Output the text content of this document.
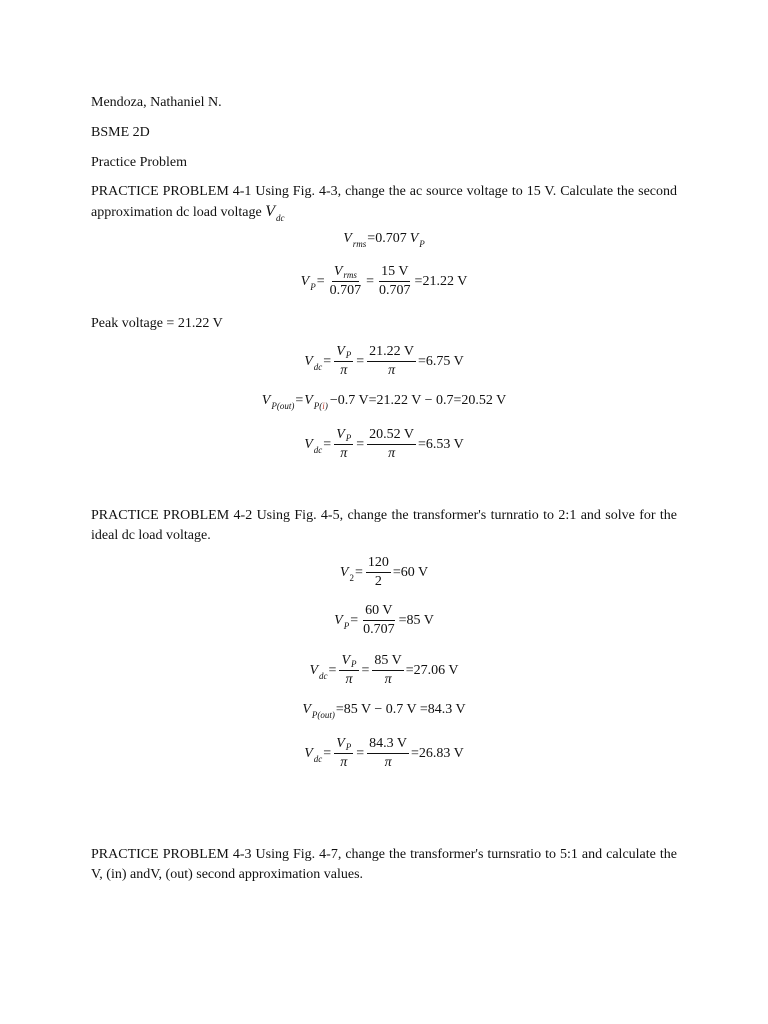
Mendoza, Nathaniel N.

BSME 2D

Practice Problem

PRACTICE PROBLEM 4-1 Using Fig. 4-3, change the ac source voltage to 15 V. Calculate the second approximation dc load voltage $V_{dc}$

V rms =0.707 V P
V $P = \frac{V_{rms}}{0.707} = \frac{15 V}{0.707} =21.22$ V

Peak voltage = 21.22 V

V dc = $\frac{V_P}{\pi} = \frac{21.22 V}{\pi} =6.75$ V
V P(out) = V P(i) −0.7 V=21.22 V − 0.7=20.52 V
V dc = $\frac{V_P}{\pi} = \frac{20.52 V}{\pi} =6.53$ V

PRACTICE PROBLEM 4-2 Using Fig. 4-5, change the transformer's turnratio to 2:1 and solve for the ideal dc load voltage.

V $2 = \frac{120}{2} =60$ V
V $P = \frac{60 V}{0.707} =85$ V
V dc = $\frac{V_P}{\pi} = \frac{85 V}{\pi} =27.06$ V
V P(out) =85 V − 0.7 V =84.3 V
V dc = $\frac{V_P}{\pi} = \frac{84.3 V}{\pi} =26.83$ V

PRACTICE PROBLEM 4-3 Using Fig. 4-7, change the transformer's turnsratio to 5:1 and calculate the V, (in) andV, (out) second approximation values.
